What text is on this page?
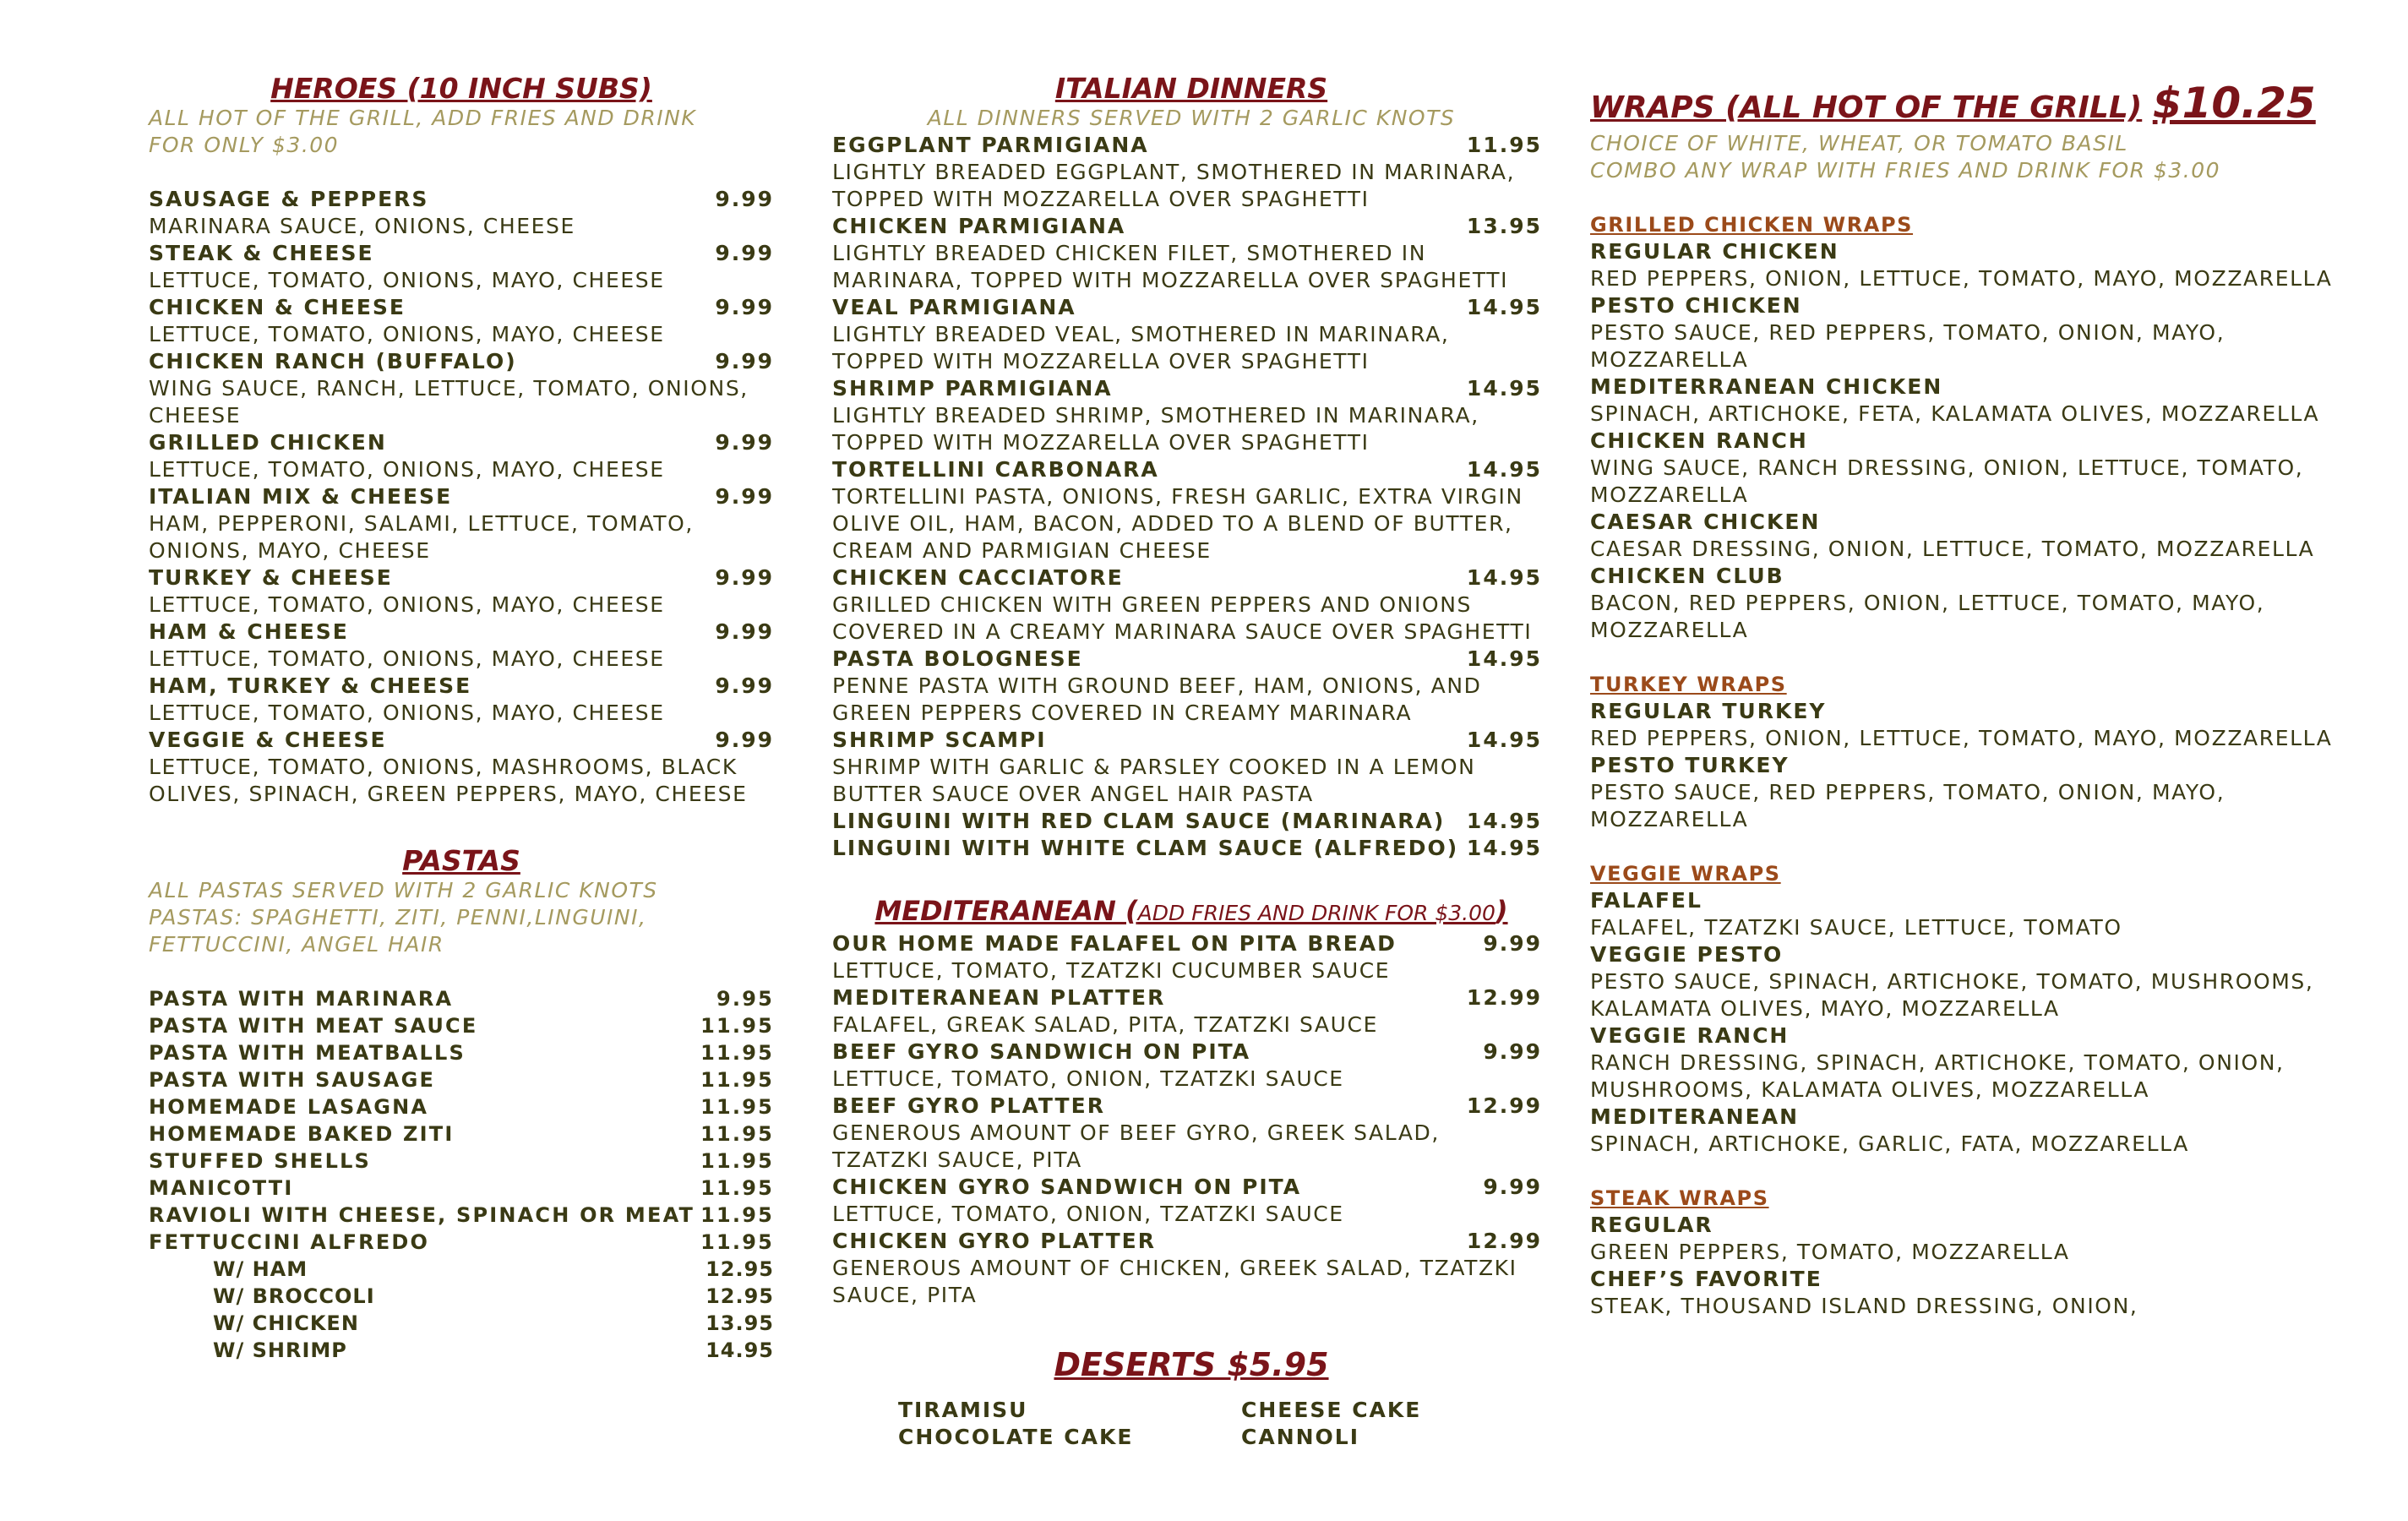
HEROES (10 INCH SUBS)

ALL HOT OF THE GRILL, ADD FRIES AND DRINK FOR ONLY $3.00

SAUSAGE & PEPPERS	9.99
MARINARA SAUCE, ONIONS, CHEESE
STEAK & CHEESE	9.99
LETTUCE, TOMATO, ONIONS, MAYO, CHEESE
CHICKEN & CHEESE	9.99
LETTUCE, TOMATO, ONIONS, MAYO, CHEESE
CHICKEN RANCH (BUFFALO)	9.99
WING SAUCE, RANCH, LETTUCE, TOMATO, ONIONS, CHEESE
GRILLED CHICKEN	9.99
LETTUCE, TOMATO, ONIONS, MAYO, CHEESE
ITALIAN MIX & CHEESE	9.99
HAM, PEPPERONI, SALAMI, LETTUCE, TOMATO, ONIONS, MAYO, CHEESE
TURKEY & CHEESE	9.99
LETTUCE, TOMATO, ONIONS, MAYO, CHEESE
HAM & CHEESE	9.99
LETTUCE, TOMATO, ONIONS, MAYO, CHEESE
HAM, TURKEY & CHEESE	9.99
LETTUCE, TOMATO, ONIONS, MAYO, CHEESE
VEGGIE & CHEESE	9.99
LETTUCE, TOMATO, ONIONS, MASHROOMS, BLACK OLIVES, SPINACH, GREEN PEPPERS, MAYO, CHEESE
PASTAS

ALL PASTAS SERVED WITH 2 GARLIC KNOTS

PASTAS: SPAGHETTI, ZITI, PENNI,LINGUINI, FETTUCCINI, ANGEL HAIR

PASTA WITH MARINARA	9.95
PASTA WITH MEAT SAUCE	11.95
PASTA WITH MEATBALLS	11.95
PASTA WITH SAUSAGE	11.95
HOMEMADE LASAGNA	11.95
HOMEMADE BAKED ZITI	11.95
STUFFED SHELLS	11.95
MANICOTTI	11.95
RAVIOLI WITH CHEESE, SPINACH OR MEAT 11.95
FETTUCCINI ALFREDO	11.95
W/ HAM	12.95
W/ BROCCOLI	12.95
W/ CHICKEN	13.95
W/ SHRIMP	14.95
ITALIAN DINNERS

ALL DINNERS SERVED WITH 2 GARLIC KNOTS

EGGPLANT PARMIGIANA	11.95
LIGHTLY BREADED EGGPLANT, SMOTHERED IN MARINARA, TOPPED WITH MOZZARELLA OVER SPAGHETTI
CHICKEN PARMIGIANA	13.95
LIGHTLY BREADED CHICKEN FILET, SMOTHERED IN MARINARA, TOPPED WITH MOZZARELLA OVER SPAGHETTI
VEAL PARMIGIANA	14.95
LIGHTLY BREADED VEAL, SMOTHERED IN MARINARA, TOPPED WITH MOZZARELLA OVER SPAGHETTI
SHRIMP PARMIGIANA	14.95
LIGHTLY BREADED SHRIMP, SMOTHERED IN MARINARA, TOPPED WITH MOZZARELLA OVER SPAGHETTI
TORTELLINI CARBONARA	14.95
TORTELLINI PASTA, ONIONS, FRESH GARLIC, EXTRA VIRGIN OLIVE OIL, HAM, BACON, ADDED TO A BLEND OF BUTTER, CREAM AND PARMIGIAN CHEESE
CHICKEN CACCIATORE	14.95
GRILLED CHICKEN WITH GREEN PEPPERS AND ONIONS COVERED IN A CREAMY MARINARA SAUCE OVER SPAGHETTI
PASTA BOLOGNESE	14.95
PENNE PASTA WITH GROUND BEEF, HAM, ONIONS, AND GREEN PEPPERS COVERED IN CREAMY MARINARA
SHRIMP SCAMPI	14.95
SHRIMP WITH GARLIC & PARSLEY COOKED IN A LEMON BUTTER SAUCE OVER ANGEL HAIR PASTA
LINGUINI WITH RED CLAM SAUCE (MARINARA) 14.95
LINGUINI WITH WHITE CLAM SAUCE (ALFREDO) 14.95
MEDITERANEAN (ADD FRIES AND DRINK FOR $3.00)
OUR HOME MADE FALAFEL ON PITA BREAD	9.99
LETTUCE, TOMATO, TZATZKI CUCUMBER SAUCE
MEDITERANEAN PLATTER	12.99
FALAFEL, GREAK SALAD, PITA, TZATZKI SAUCE
BEEF GYRO SANDWICH ON PITA	9.99
LETTUCE, TOMATO, ONION, TZATZKI SAUCE
BEEF GYRO PLATTER	12.99
GENEROUS AMOUNT OF BEEF GYRO, GREEK SALAD, TZATZKI SAUCE, PITA
CHICKEN GYRO SANDWICH ON PITA	9.99
LETTUCE, TOMATO, ONION, TZATZKI SAUCE
CHICKEN GYRO PLATTER	12.99
GENEROUS AMOUNT OF CHICKEN, GREEK SALAD, TZATZKI SAUCE, PITA
DESERTS $5.95
TIRAMISU	CHEESE CAKE
CHOCOLATE CAKE	CANNOLI
WRAPS (ALL HOT OF THE GRILL) $10.25

CHOICE OF WHITE, WHEAT, OR TOMATO BASIL

COMBO ANY WRAP WITH FRIES AND DRINK FOR $3.00

GRILLED CHICKEN WRAPS
REGULAR CHICKEN
RED PEPPERS, ONION, LETTUCE, TOMATO, MAYO, MOZZARELLA
PESTO CHICKEN
PESTO SAUCE, RED PEPPERS, TOMATO, ONION, MAYO, MOZZARELLA
MEDITERRANEAN CHICKEN
SPINACH, ARTICHOKE, FETA, KALAMATA OLIVES, MOZZARELLA
CHICKEN RANCH
WING SAUCE, RANCH DRESSING, ONION, LETTUCE, TOMATO, MOZZARELLA
CAESAR CHICKEN
CAESAR DRESSING, ONION, LETTUCE, TOMATO, MOZZARELLA
CHICKEN CLUB
BACON, RED PEPPERS, ONION, LETTUCE, TOMATO, MAYO, MOZZARELLA
TURKEY WRAPS
REGULAR TURKEY
RED PEPPERS, ONION, LETTUCE, TOMATO, MAYO, MOZZARELLA
PESTO TURKEY
PESTO SAUCE, RED PEPPERS, TOMATO, ONION, MAYO, MOZZARELLA
VEGGIE WRAPS
FALAFEL
FALAFEL, TZATZKI SAUCE, LETTUCE, TOMATO
VEGGIE PESTO
PESTO SAUCE, SPINACH, ARTICHOKE, TOMATO, MUSHROOMS, KALAMATA OLIVES, MAYO, MOZZARELLA
VEGGIE RANCH
RANCH DRESSING, SPINACH, ARTICHOKE, TOMATO, ONION, MUSHROOMS, KALAMATA OLIVES, MOZZARELLA
MEDITERANEAN
SPINACH, ARTICHOKE, GARLIC, FATA, MOZZARELLA
STEAK WRAPS
REGULAR
GREEN PEPPERS, TOMATO, MOZZARELLA
CHEF’S FAVORITE
STEAK, THOUSAND ISLAND DRESSING, ONION,
